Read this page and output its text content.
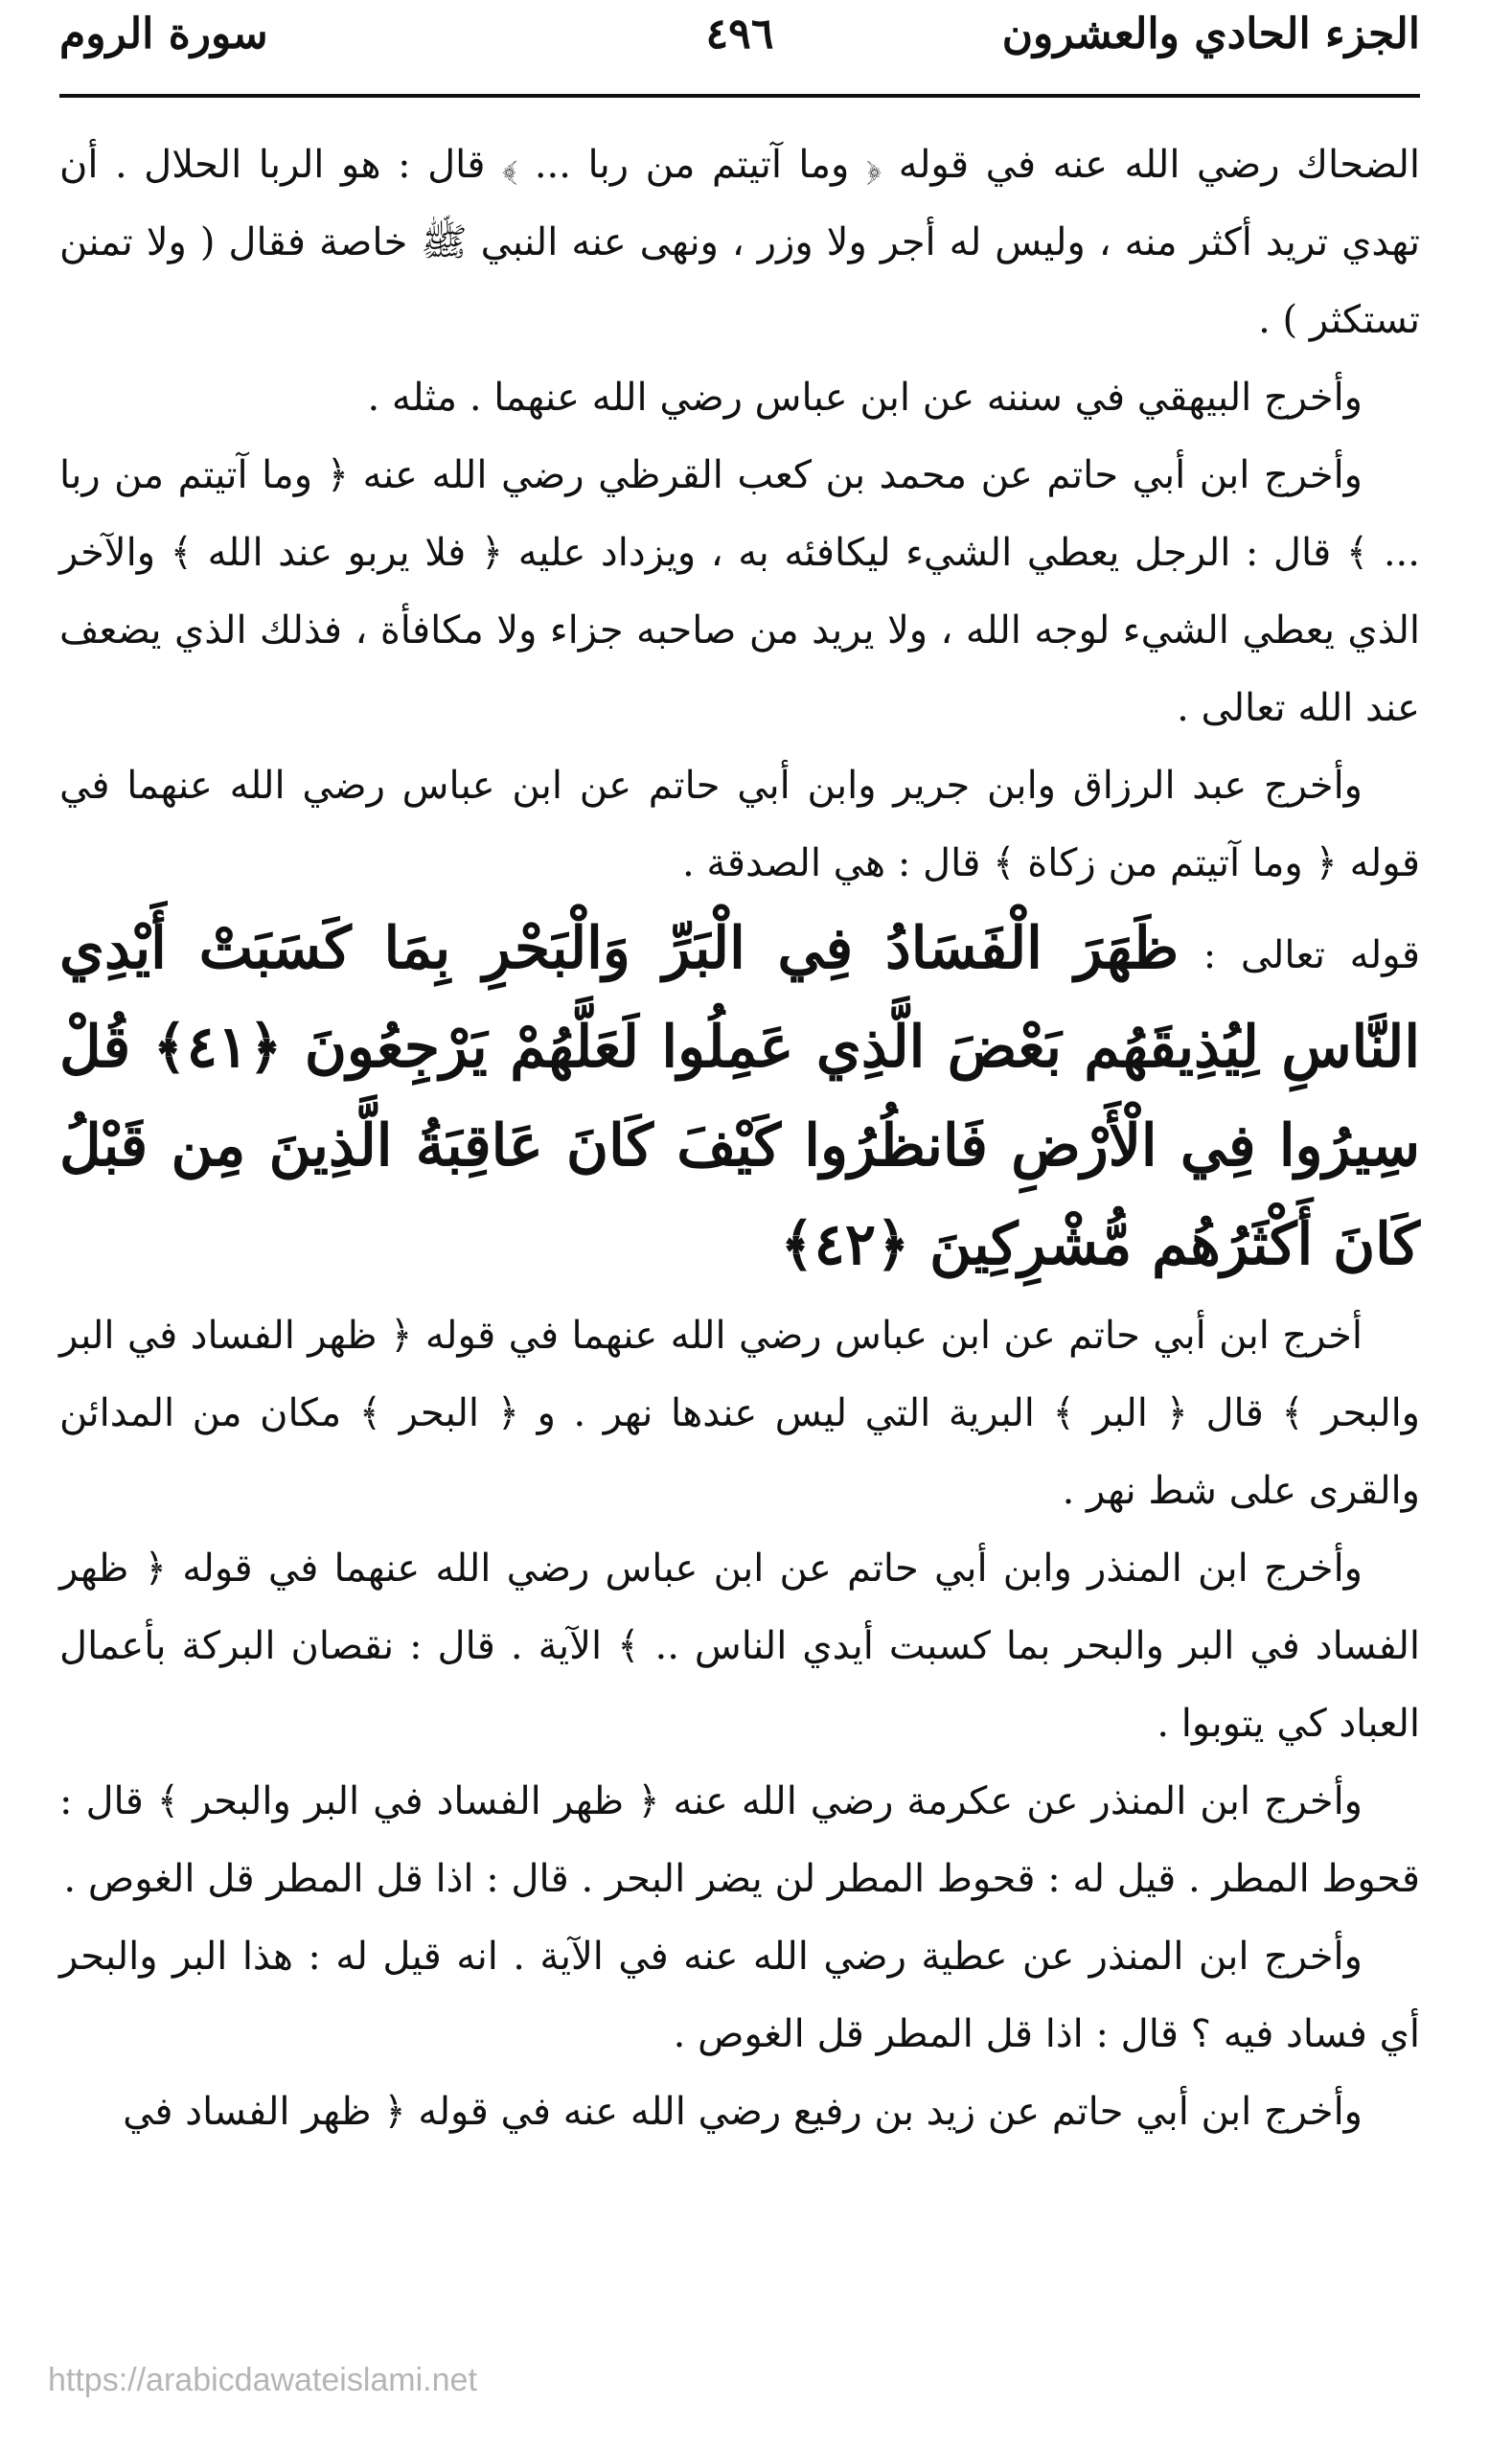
الجزء الحادي والعشرون
٤٩٦
سورة الروم

الضحاك رضي الله عنه في قوله ﴿ وما آتيتم من ربا ... ﴾ قال : هو الربا الحلال . أن تهدي تريد أكثر منه ، وليس له أجر ولا وزر ، ونهى عنه النبي ﷺ خاصة فقال ( ولا تمنن تستكثر ) .

وأخرج البيهقي في سننه عن ابن عباس رضي الله عنهما . مثله .

وأخرج ابن أبي حاتم عن محمد بن كعب القرظي رضي الله عنه ﴿ وما آتيتم من ربا ... ﴾ قال : الرجل يعطي الشيء ليكافئه به ، ويزداد عليه ﴿ فلا يربو عند الله ﴾ والآخر الذي يعطي الشيء لوجه الله ، ولا يريد من صاحبه جزاء ولا مكافأة ، فذلك الذي يضعف عند الله تعالى .

وأخرج عبد الرزاق وابن جرير وابن أبي حاتم عن ابن عباس رضي الله عنهما في قوله ﴿ وما آتيتم من زكاة ﴾ قال : هي الصدقة .

قوله تعالى : ظَهَرَ الْفَسَادُ فِي الْبَرِّ وَالْبَحْرِ بِمَا كَسَبَتْ أَيْدِي النَّاسِ لِيُذِيقَهُم بَعْضَ الَّذِي عَمِلُوا لَعَلَّهُمْ يَرْجِعُونَ ﴿٤١﴾ قُلْ سِيرُوا فِي الْأَرْضِ فَانظُرُوا كَيْفَ كَانَ عَاقِبَةُ الَّذِينَ مِن قَبْلُ كَانَ أَكْثَرُهُم مُّشْرِكِينَ ﴿٤٢﴾

أخرج ابن أبي حاتم عن ابن عباس رضي الله عنهما في قوله ﴿ ظهر الفساد في البر والبحر ﴾ قال ﴿ البر ﴾ البرية التي ليس عندها نهر . و ﴿ البحر ﴾ مكان من المدائن والقرى على شط نهر .

وأخرج ابن المنذر وابن أبي حاتم عن ابن عباس رضي الله عنهما في قوله ﴿ ظهر الفساد في البر والبحر بما كسبت أيدي الناس .. ﴾ الآية . قال : نقصان البركة بأعمال العباد كي يتوبوا .

وأخرج ابن المنذر عن عكرمة رضي الله عنه ﴿ ظهر الفساد في البر والبحر ﴾ قال : قحوط المطر . قيل له : قحوط المطر لن يضر البحر . قال : اذا قل المطر قل الغوص .

وأخرج ابن المنذر عن عطية رضي الله عنه في الآية . انه قيل له : هذا البر والبحر أي فساد فيه ؟ قال : اذا قل المطر قل الغوص .

وأخرج ابن أبي حاتم عن زيد بن رفيع رضي الله عنه في قوله ﴿ ظهر الفساد في

https://arabicdawateislami.net
